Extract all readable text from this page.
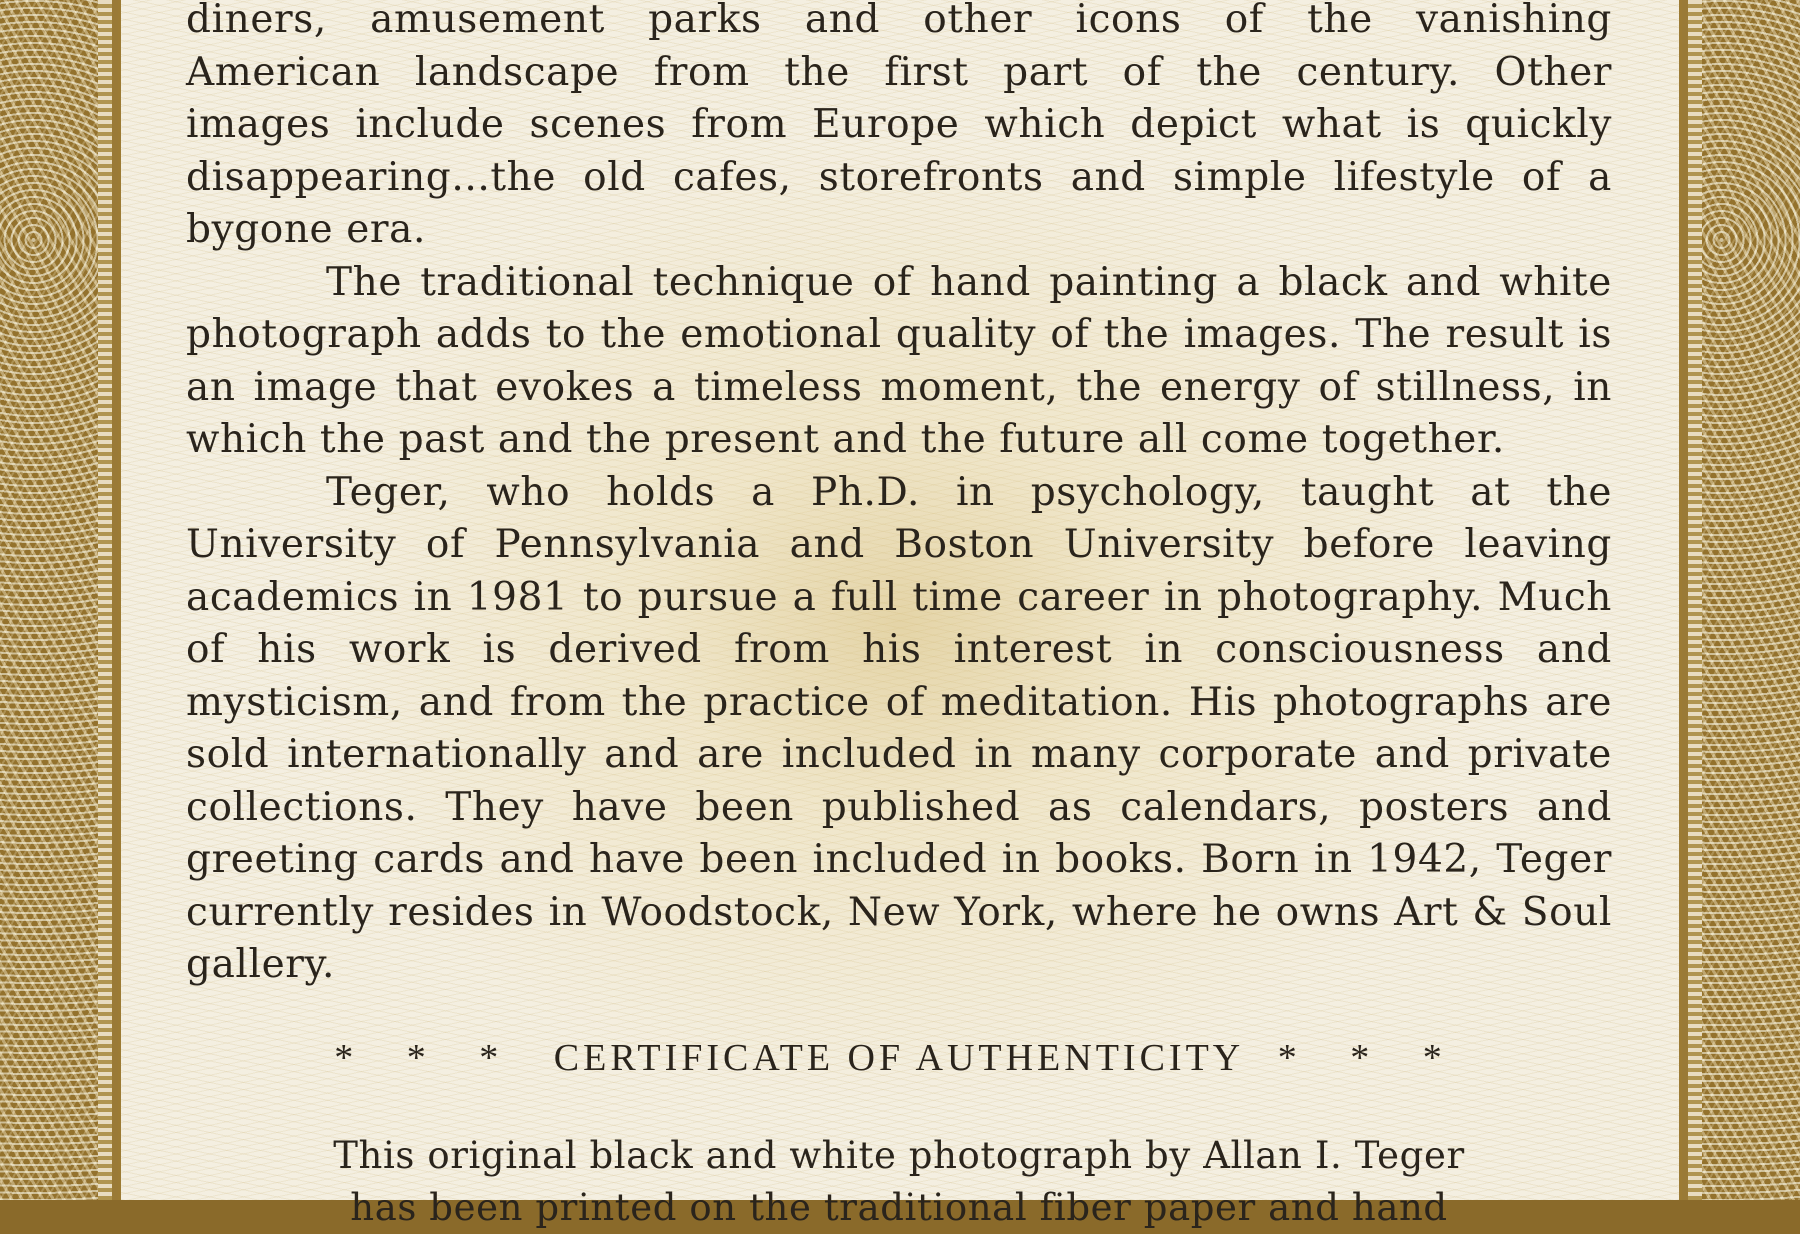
diners, amusement parks and other icons of the vanishing
American landscape from the first part of the century. Other
images include scenes from Europe which depict what is quickly
disappearing...the old cafes, storefronts and simple lifestyle of a
bygone era.

The traditional technique of hand painting a black and white photograph adds to the emotional quality of the images. The result is an image that evokes a timeless moment, the energy of stillness, in which the past and the present and the future all come together.

Teger, who holds a Ph.D. in psychology, taught at the University of Pennsylvania and Boston University before leaving academics in 1981 to pursue a full time career in photography. Much of his work is derived from his interest in consciousness and mysticism, and from the practice of meditation. His photographs are sold internationally and are included in many corporate and private collections. They have been published as calendars, posters and greeting cards and have been included in books. Born in 1942, Teger currently resides in Woodstock, New York, where he owns Art & Soul gallery.

* * * CERTIFICATE OF AUTHENTICITY * * *
This original black and white photograph by Allan I. Teger
has been printed on the traditional fiber paper and hand
